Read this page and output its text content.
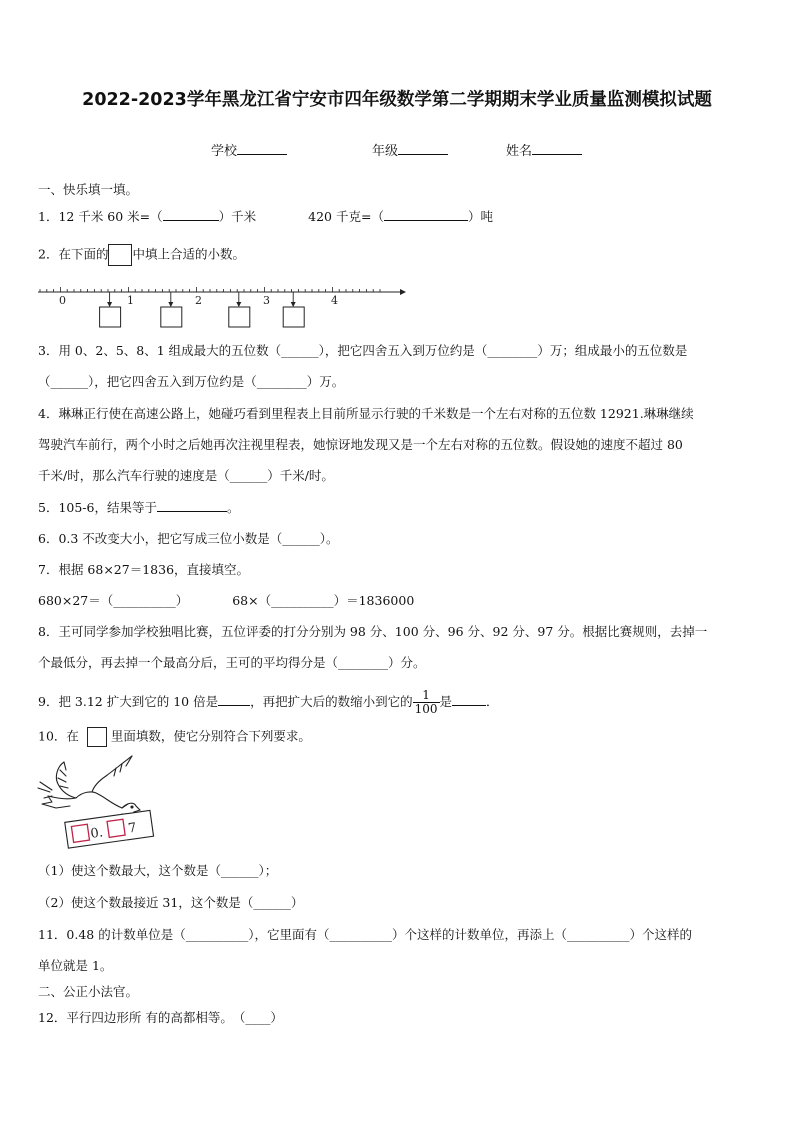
2022-2023学年黑龙江省宁安市四年级数学第二学期期末学业质量监测模拟试题
学校	年级	姓名
一、快乐填一填。
1．12 千米 60 米=（	）千米	420 千克=（	）吨
2．在下面的 中填上合适的小数。
0	1	2	3	4
3．用 0、2、5、8、1 组成最大的五位数（______），把它四舍五入到万位约是（________）万；组成最小的五位数是
（______），把它四舍五入到万位约是（________）万。
4．琳琳正行使在高速公路上，她碰巧看到里程表上目前所显示行驶的千米数是一个左右对称的五位数 12921.琳琳继续
驾驶汽车前行，两个小时之后她再次注视里程表，她惊讶地发现又是一个左右对称的五位数。假设她的速度不超过 80
千米/时，那么汽车行驶的速度是（______）千米/时。
5．105-6，结果等于	。
6．0.3 不改变大小，把它写成三位小数是（______）。
7．根据 68×27＝1836，直接填空。
680×27＝（__________）	68×（__________）＝1836000
8．王可同学参加学校独唱比赛，五位评委的打分分别为 98 分、100 分、96 分、92 分、97 分。根据比赛规则，去掉一
个最低分，再去掉一个最高分后，王可的平均得分是（________）分。
9．把 3.12 扩大到它的 10 倍是	，再把扩大后的数缩小到它的 $\frac{1}{100}$ 是	．
10．在	里面填数，使它分别符合下列要求。
0. 7
（1）使这个数最大，这个数是（______）；
（2）使这个数最接近 31，这个数是（______）
11．0.48 的计数单位是（__________），它里面有（__________）个这样的计数单位，再添上（__________）个这样的
单位就是 1。
二、公正小法官。
12．平行四边形所 有的高都相等。　（____）
